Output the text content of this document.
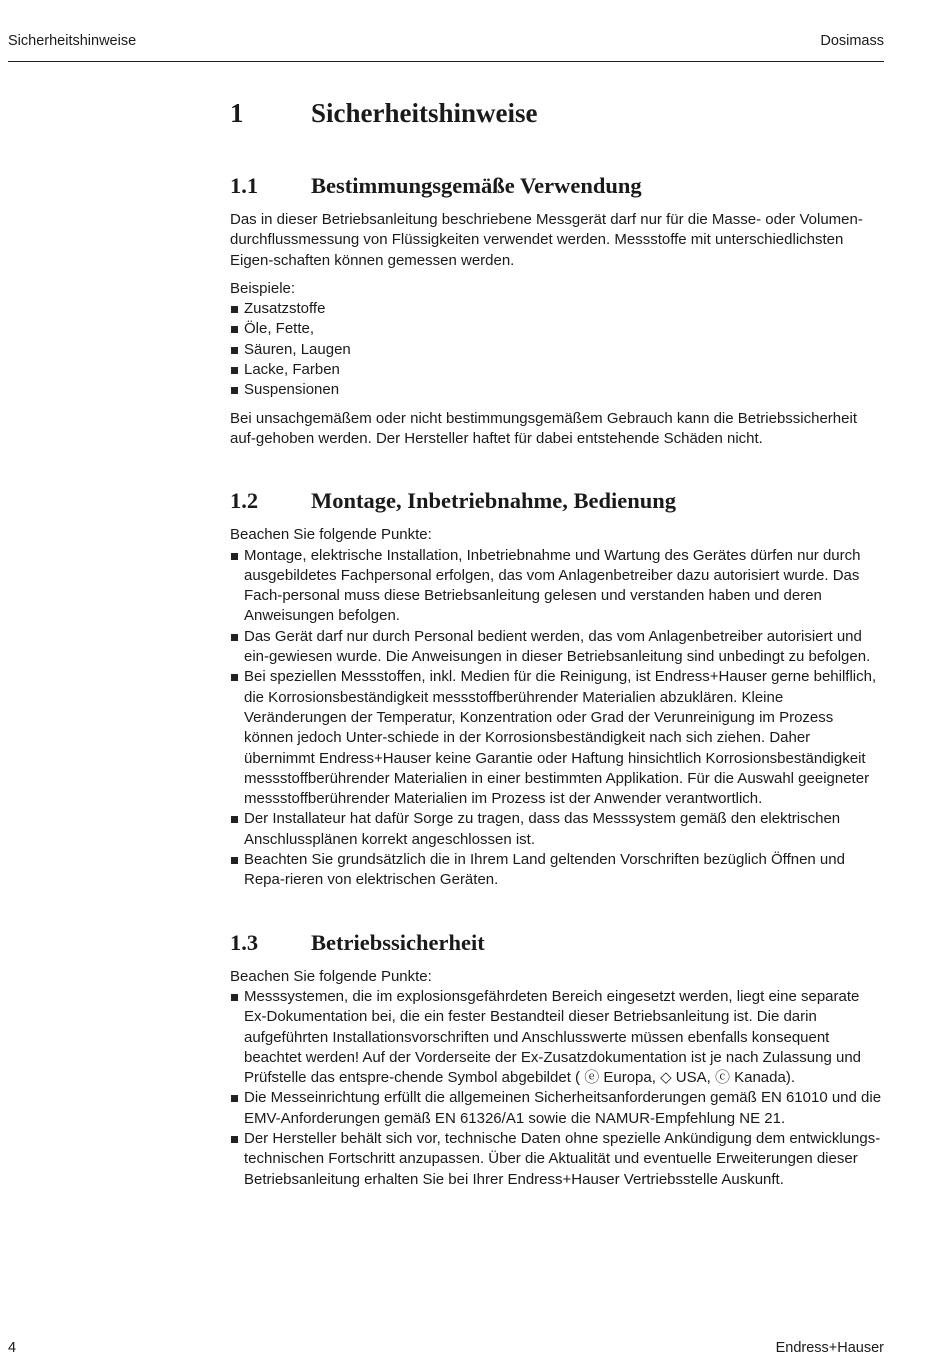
Sicherheitshinweise	Dosimass
1	Sicherheitshinweise
1.1 Bestimmungsgemäße Verwendung

Das in dieser Betriebsanleitung beschriebene Messgerät darf nur für die Masse- oder Volumen-durchflussmessung von Flüssigkeiten verwendet werden. Messstoffe mit unterschiedlichsten Eigen-schaften können gemessen werden.

Beispiele:

Zusatzstoffe
Öle, Fette,
Säuren, Laugen
Lacke, Farben
Suspensionen

Bei unsachgemäßem oder nicht bestimmungsgemäßem Gebrauch kann die Betriebssicherheit auf-gehoben werden. Der Hersteller haftet für dabei entstehende Schäden nicht.

1.2 Montage, Inbetriebnahme, Bedienung

Beachen Sie folgende Punkte:

Montage, elektrische Installation, Inbetriebnahme und Wartung des Gerätes dürfen nur durch ausgebildetes Fachpersonal erfolgen, das vom Anlagenbetreiber dazu autorisiert wurde. Das Fach-personal muss diese Betriebsanleitung gelesen und verstanden haben und deren Anweisungen befolgen.
Das Gerät darf nur durch Personal bedient werden, das vom Anlagenbetreiber autorisiert und ein-gewiesen wurde. Die Anweisungen in dieser Betriebsanleitung sind unbedingt zu befolgen.
Bei speziellen Messstoffen, inkl. Medien für die Reinigung, ist Endress+Hauser gerne behilflich, die Korrosionsbeständigkeit messstoffberührender Materialien abzuklären. Kleine Veränderungen der Temperatur, Konzentration oder Grad der Verunreinigung im Prozess können jedoch Unter-schiede in der Korrosionsbeständigkeit nach sich ziehen. Daher übernimmt Endress+Hauser keine Garantie oder Haftung hinsichtlich Korrosionsbeständigkeit messstoffberührender Materialien in einer bestimmten Applikation. Für die Auswahl geeigneter messstoffberührender Materialien im Prozess ist der Anwender verantwortlich.
Der Installateur hat dafür Sorge zu tragen, dass das Messsystem gemäß den elektrischen Anschlussplänen korrekt angeschlossen ist.
Beachten Sie grundsätzlich die in Ihrem Land geltenden Vorschriften bezüglich Öffnen und Repa-rieren von elektrischen Geräten.
1.3 Betriebssicherheit

Beachen Sie folgende Punkte:

Messsystemen, die im explosionsgefährdeten Bereich eingesetzt werden, liegt eine separate Ex-Dokumentation bei, die ein fester Bestandteil dieser Betriebsanleitung ist. Die darin aufgeführten Installationsvorschriften und Anschlusswerte müssen ebenfalls konsequent beachtet werden! Auf der Vorderseite der Ex-Zusatzdokumentation ist je nach Zulassung und Prüfstelle das entspre-chende Symbol abgebildet ( ⓔ Europa, ◇ USA, ⓒ Kanada).
Die Messeinrichtung erfüllt die allgemeinen Sicherheitsanforderungen gemäß EN 61010 und die EMV-Anforderungen gemäß EN 61326/A1 sowie die NAMUR-Empfehlung NE 21.
Der Hersteller behält sich vor, technische Daten ohne spezielle Ankündigung dem entwicklungs-technischen Fortschritt anzupassen. Über die Aktualität und eventuelle Erweiterungen dieser Betriebsanleitung erhalten Sie bei Ihrer Endress+Hauser Vertriebsstelle Auskunft.
4	Endress+Hauser
